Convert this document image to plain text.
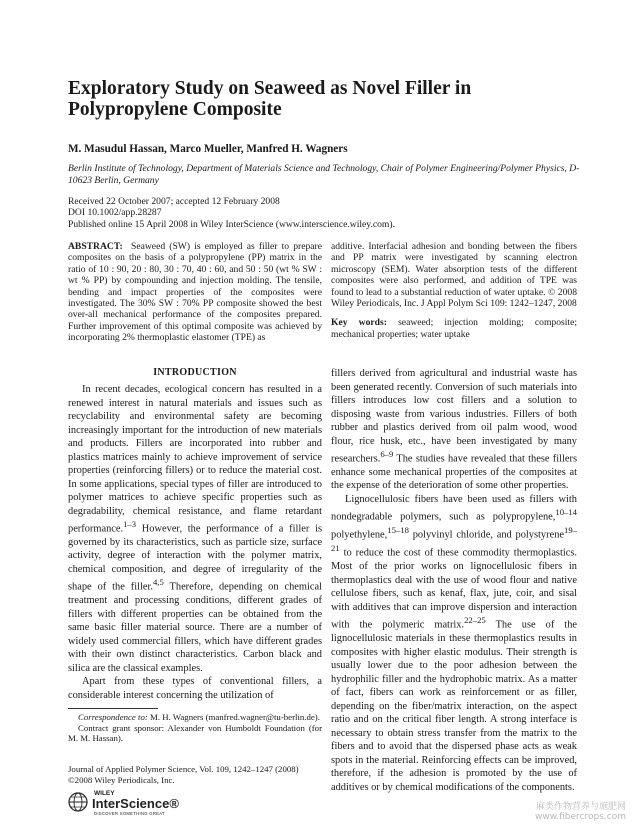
Exploratory Study on Seaweed as Novel Filler in Polypropylene Composite
M. Masudul Hassan, Marco Mueller, Manfred H. Wagners
Berlin Institute of Technology, Department of Materials Science and Technology, Chair of Polymer Engineering/Polymer Physics, D-10623 Berlin, Germany
Received 22 October 2007; accepted 12 February 2008
DOI 10.1002/app.28287
Published online 15 April 2008 in Wiley InterScience (www.interscience.wiley.com).

ABSTRACT: Seaweed (SW) is employed as filler to prepare composites on the basis of a polypropylene (PP) matrix in the ratio of 10 : 90, 20 : 80, 30 : 70, 40 : 60, and 50 : 50 (wt % SW : wt % PP) by compounding and injection molding. The tensile, bending and impact properties of the composites were investigated. The 30% SW : 70% PP composite showed the best over-all mechanical performance of the composites prepared. Further improvement of this optimal composite was achieved by incorporating 2% thermoplastic elastomer (TPE) as

additive. Interfacial adhesion and bonding between the fibers and PP matrix were investigated by scanning electron microscopy (SEM). Water absorption tests of the different composites were also performed, and addition of TPE was found to lead to a substantial reduction of water uptake. © 2008 Wiley Periodicals, Inc. J Appl Polym Sci 109: 1242–1247, 2008

Key words: seaweed; injection molding; composite; mechanical properties; water uptake

INTRODUCTION

In recent decades, ecological concern has resulted in a renewed interest in natural materials and issues such as recyclability and environmental safety are becoming increasingly important for the introduction of new materials and products. Fillers are incorporated into rubber and plastics matrices mainly to achieve improvement of service properties (reinforcing fillers) or to reduce the material cost. In some applications, special types of filler are introduced to polymer matrices to achieve specific properties such as degradability, chemical resistance, and flame retardant performance.$^{1-3}$ However, the performance of a filler is governed by its characteristics, such as particle size, surface activity, degree of interaction with the polymer matrix, chemical composition, and degree of irregularity of the shape of the filler.$^{4,5}$ Therefore, depending on chemical treatment and processing conditions, different grades of fillers with different properties can be obtained from the same basic filler material source. There are a number of widely used commercial fillers, which have different grades with their own distinct characteristics. Carbon black and silica are the classical examples.

Apart from these types of conventional fillers, a considerable interest concerning the utilization of

fillers derived from agricultural and industrial waste has been generated recently. Conversion of such materials into fillers introduces low cost fillers and a solution to disposing waste from various industries. Fillers of both rubber and plastics derived from oil palm wood, wood flour, rice husk, etc., have been investigated by many researchers.$^{6-9}$ The studies have revealed that these fillers enhance some mechanical properties of the composites at the expense of the deterioration of some other properties.

Lignocellulosic fibers have been used as fillers with nondegradable polymers, such as polypropylene,$^{10-14}$ polyethylene,$^{15-18}$ polyvinyl chloride, and polystyrene$^{19-21}$ to reduce the cost of these commodity thermoplastics. Most of the prior works on lignocellulosic fibers in thermoplastics deal with the use of wood flour and native cellulose fibers, such as kenaf, flax, jute, coir, and sisal with additives that can improve dispersion and interaction with the polymeric matrix.$^{22-25}$ The use of the lignocellulosic materials in these thermoplastics results in composites with higher elastic modulus. Their strength is usually lower due to the poor adhesion between the hydrophilic filler and the hydrophobic matrix. As a matter of fact, fibers can work as reinforcement or as filler, depending on the fiber/matrix interaction, on the aspect ratio and on the critical fiber length. A strong interface is necessary to obtain stress transfer from the matrix to the fibers and to avoid that the dispersed phase acts as weak spots in the material. Reinforcing effects can be improved, therefore, if the adhesion is promoted by the use of additives or by chemical modifications of the components.

Correspondence to: M. H. Wagners (manfred.wagner@tu-berlin.de).

Contract grant sponsor: Alexander von Humboldt Foundation (for M. M. Hassan).

Journal of Applied Polymer Science, Vol. 109, 1242–1247 (2008)
©2008 Wiley Periodicals, Inc.
WILEY
InterScience®
DISCOVER SOMETHING GREAT
麻类作物营养与施肥网
www.fibercrops.com
